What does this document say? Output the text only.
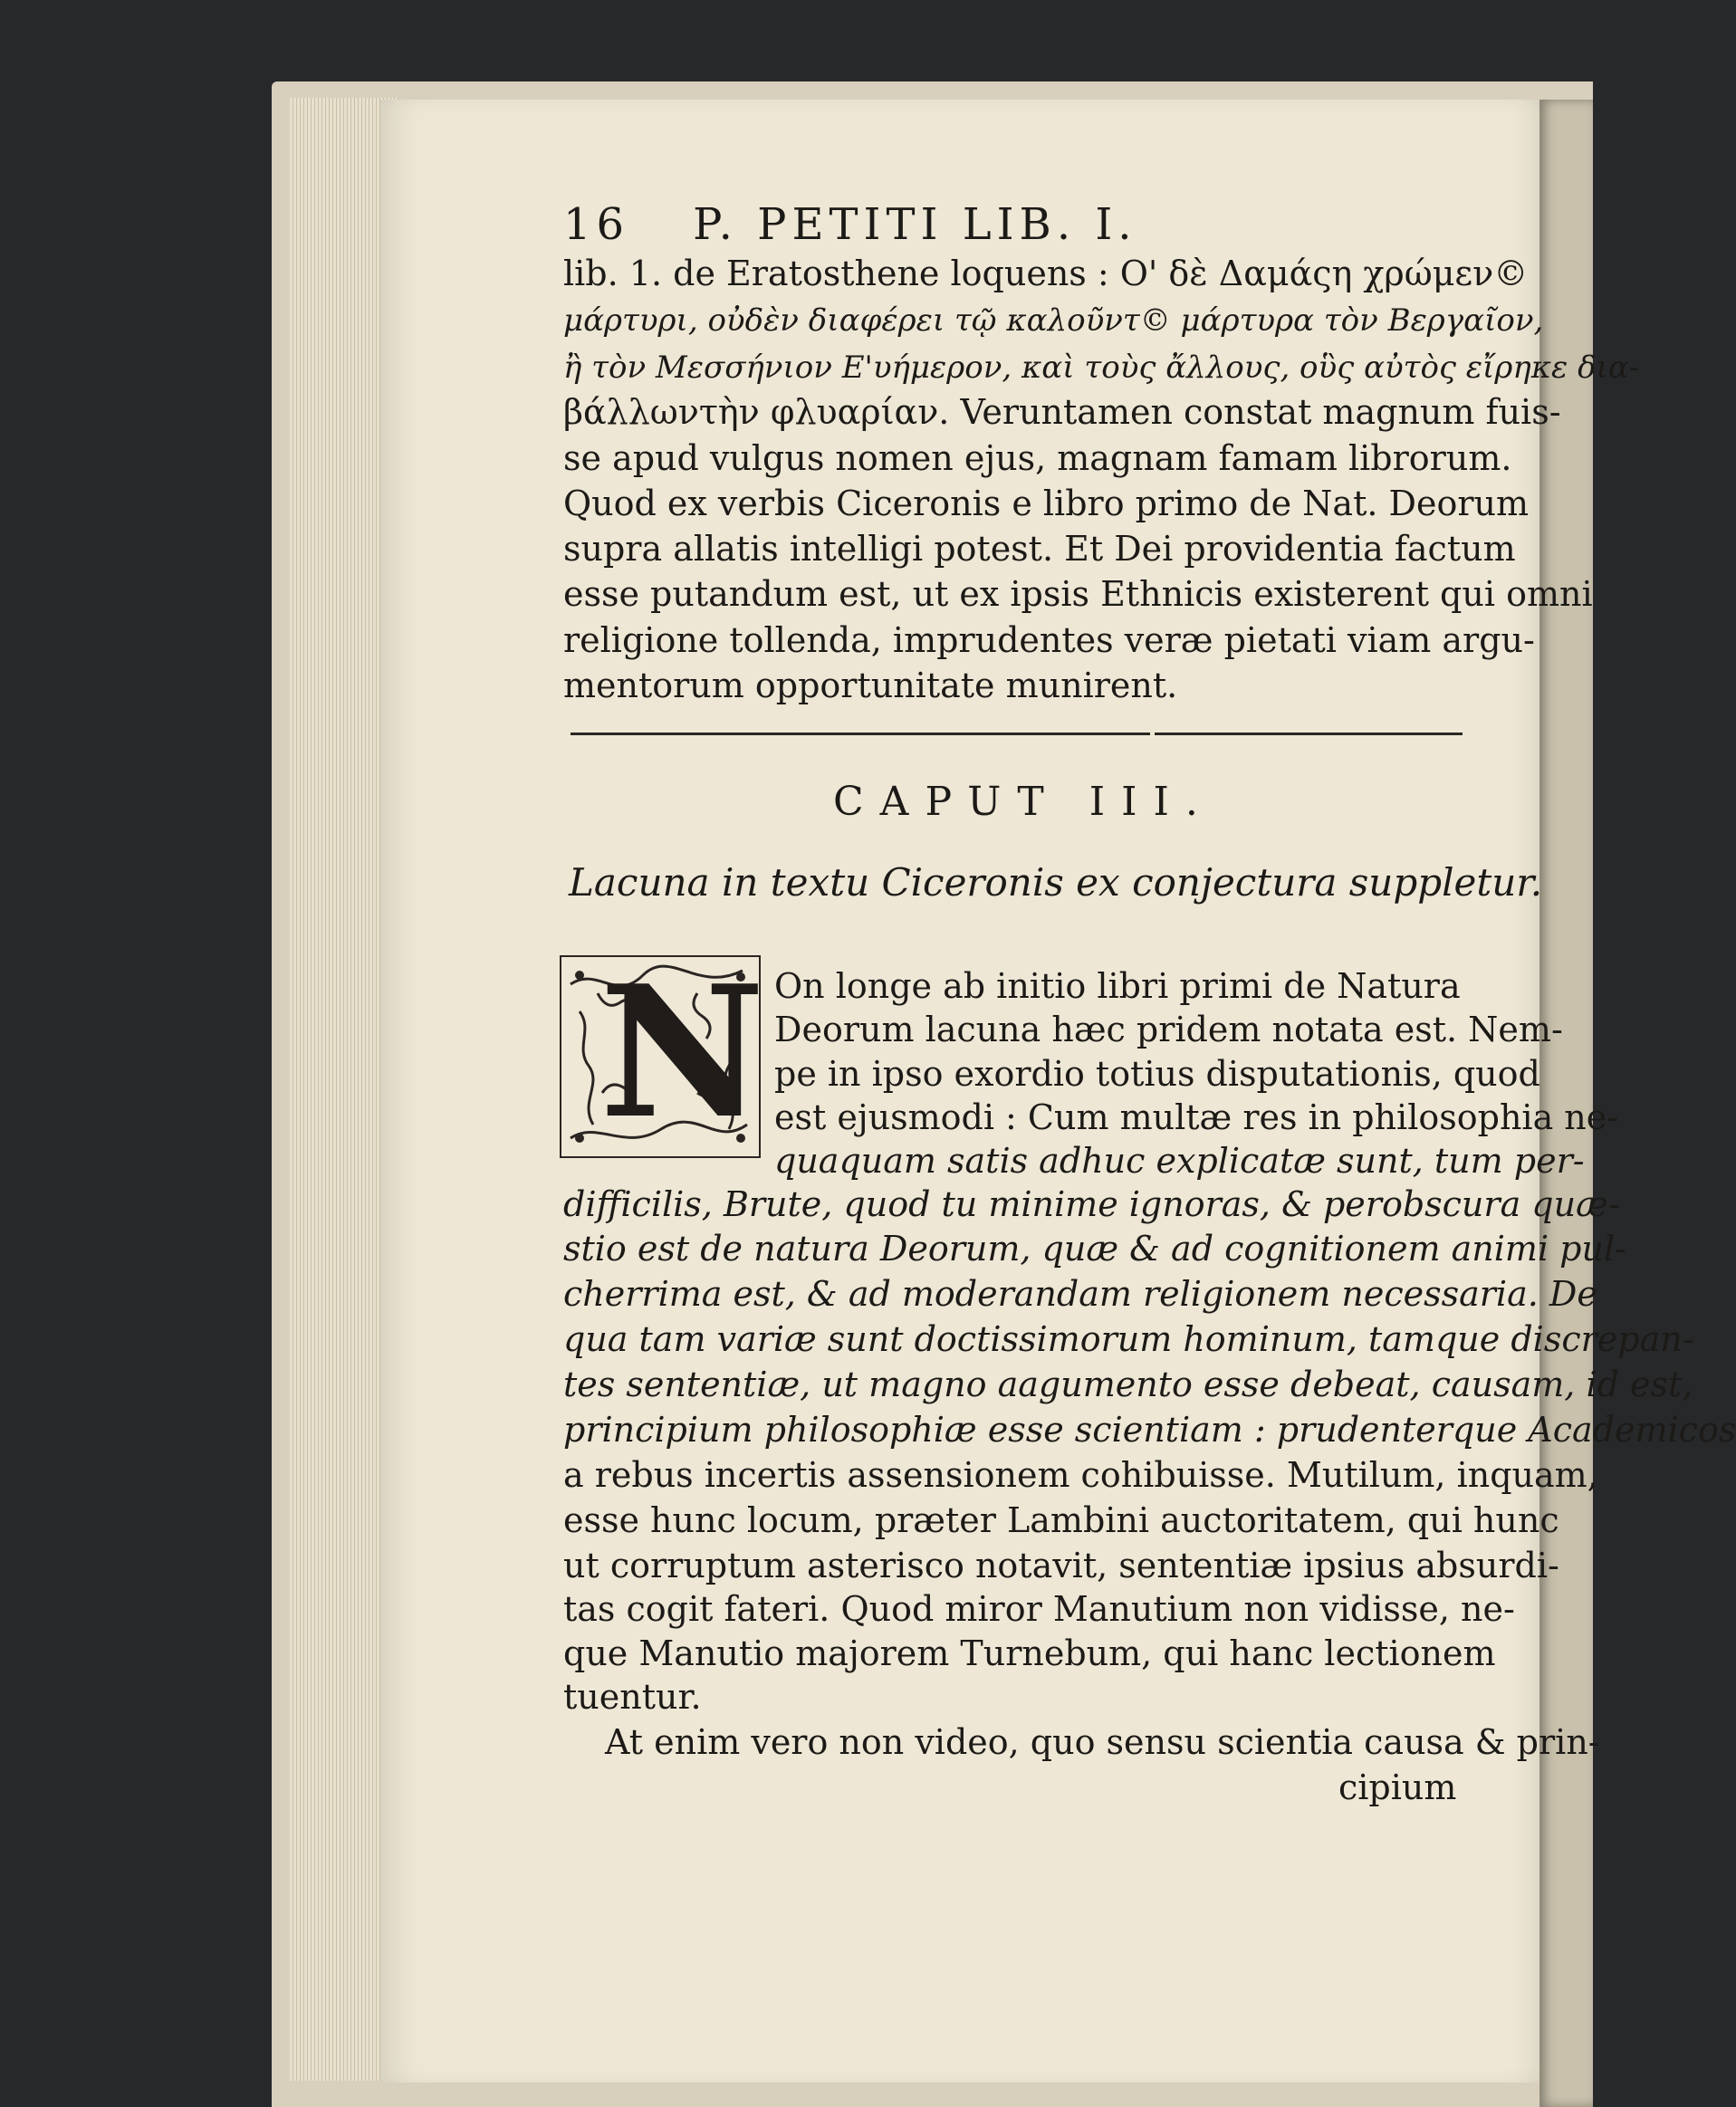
16 P. PETITI LIB. I.
lib. 1. de Eratosthene loquens : Ο' δὲ Δαμάςη χρώμεν©
μάρτυρι, οὐδὲν διαφέρει τῷ καλοῦντ© μάρτυρα τὸν Βεργαῖον,
ἢ τὸν Μεσσήνιον Ε'υήμερον, καὶ τοὺς ἄλλους, οὓς αὐτὸς εἴρηκε δια-
βάλλωντὴν φλυαρίαν. Veruntamen constat magnum fuis-
se apud vulgus nomen ejus, magnam famam librorum.
Quod ex verbis Ciceronis e libro primo de Nat. Deorum
supra allatis intelligi potest. Et Dei providentia factum
esse putandum est, ut ex ipsis Ethnicis existerent qui omni
religione tollenda, imprudentes veræ pietati viam argu-
mentorum opportunitate munirent.
CAPUT III.
Lacuna in textu Ciceronis ex conjectura suppletur.
N On longe ab initio libri primi de Natura
Deorum lacuna hæc pridem notata est. Nem-
pe in ipso exordio totius disputationis, quod
est ejusmodi : Cum multæ res in philosophia ne-
quaquam satis adhuc explicatæ sunt, tum per-
difficilis, Brute, quod tu minime ignoras, & perobscura quæ-
stio est de natura Deorum, quæ & ad cognitionem animi pul-
cherrima est, & ad moderandam religionem necessaria. De
qua tam variæ sunt doctissimorum hominum, tamque discrepan-
tes sententiæ, ut magno aagumento esse debeat, causam, id est,
principium philosophiæ esse scientiam : prudenterque Academicos
a rebus incertis assensionem cohibuisse. Mutilum, inquam,
esse hunc locum, præter Lambini auctoritatem, qui hunc
ut corruptum asterisco notavit, sententiæ ipsius absurdi-
tas cogit fateri. Quod miror Manutium non vidisse, ne-
que Manutio majorem Turnebum, qui hanc lectionem
tuentur.
At enim vero non video, quo sensu scientia causa & prin-
cipium
